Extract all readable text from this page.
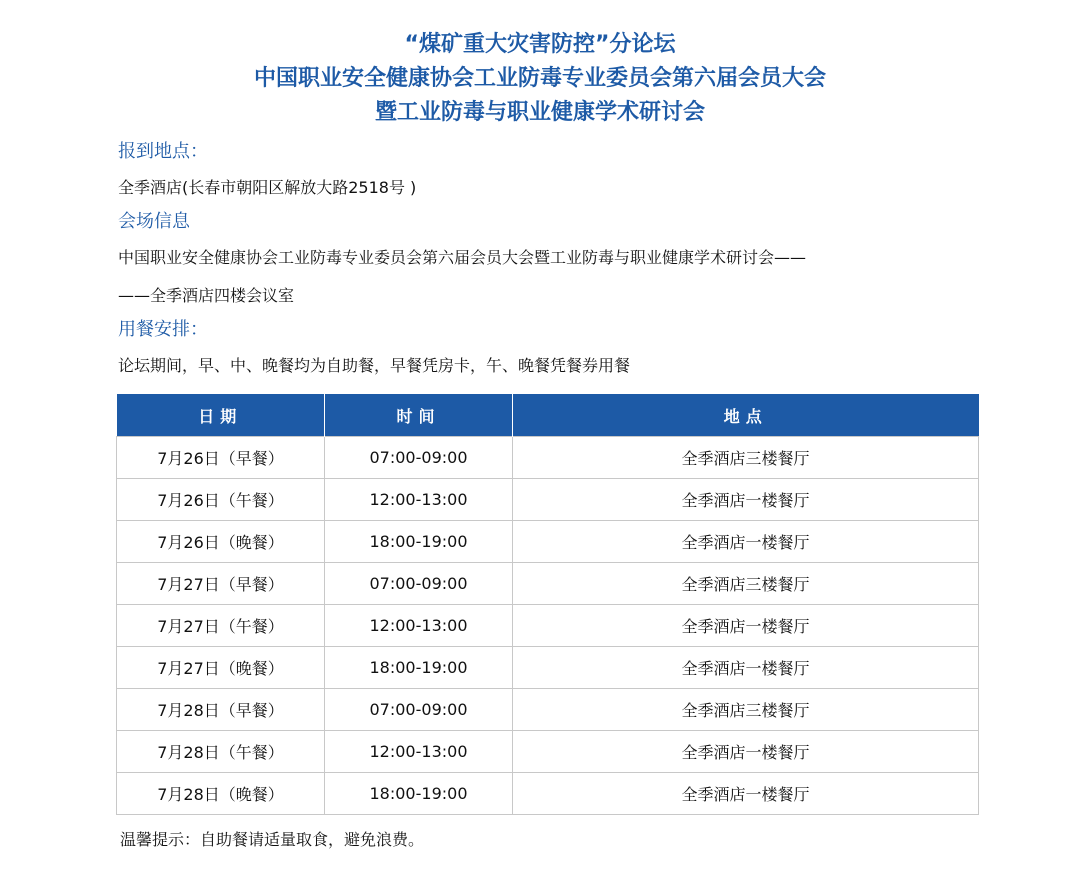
“煤矿重大灾害防控”分论坛
中国职业安全健康协会工业防毒专业委员会第六届会员大会
暨工业防毒与职业健康学术研讨会
报到地点：
全季酒店(长春市朝阳区解放大路2518号 )
会场信息
中国职业安全健康协会工业防毒专业委员会第六届会员大会暨工业防毒与职业健康学术研讨会——
——全季酒店四楼会议室
用餐安排：
论坛期间，早、中、晚餐均为自助餐，早餐凭房卡，午、晚餐凭餐券用餐
日期	时间	地点
7月26日（早餐）	07:00-09:00	全季酒店三楼餐厅
7月26日（午餐）	12:00-13:00	全季酒店一楼餐厅
7月26日（晚餐）	18:00-19:00	全季酒店一楼餐厅
7月27日（早餐）	07:00-09:00	全季酒店三楼餐厅
7月27日（午餐）	12:00-13:00	全季酒店一楼餐厅
7月27日（晚餐）	18:00-19:00	全季酒店一楼餐厅
7月28日（早餐）	07:00-09:00	全季酒店三楼餐厅
7月28日（午餐）	12:00-13:00	全季酒店一楼餐厅
7月28日（晚餐）	18:00-19:00	全季酒店一楼餐厅
温馨提示：自助餐请适量取食，避免浪费。
